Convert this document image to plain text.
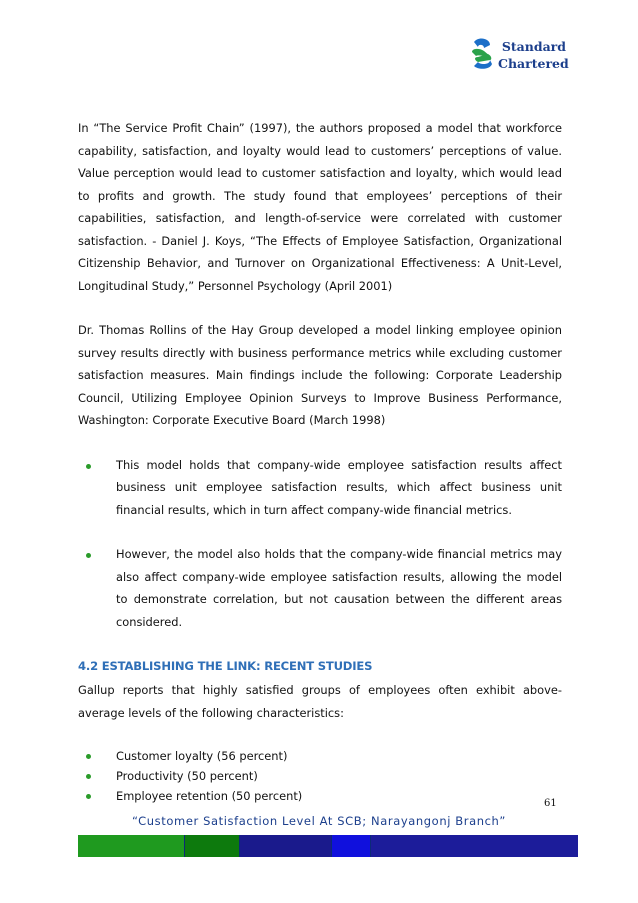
Standard
Chartered

In “The Service Profit Chain” (1997), the authors proposed a model that workforce capability, satisfaction, and loyalty would lead to customers’ perceptions of value. Value perception would lead to customer satisfaction and loyalty, which would lead to profits and growth. The study found that employees’ perceptions of their capabilities, satisfaction, and length-of-service were correlated with customer satisfaction. - Daniel J. Koys, “The Effects of Employee Satisfaction, Organizational Citizenship Behavior, and Turnover on Organizational Effectiveness: A Unit-Level, Longitudinal Study,” Personnel Psychology (April 2001)

Dr. Thomas Rollins of the Hay Group developed a model linking employee opinion survey results directly with business performance metrics while excluding customer satisfaction measures. Main findings include the following: Corporate Leadership Council, Utilizing Employee Opinion Surveys to Improve Business Performance, Washington: Corporate Executive Board (March 1998)

This model holds that company-wide employee satisfaction results affect business unit employee satisfaction results, which affect business unit financial results, which in turn affect company-wide financial metrics.
However, the model also holds that the company-wide financial metrics may also affect company-wide employee satisfaction results, allowing the model to demonstrate correlation, but not causation between the different areas considered.
4.2 ESTABLISHING THE LINK: RECENT STUDIES

Gallup reports that highly satisfied groups of employees often exhibit above-average levels of the following characteristics:

Customer loyalty (56 percent)
Productivity (50 percent)
Employee retention (50 percent)
61
“Customer Satisfaction Level At SCB; Narayangonj Branch”
